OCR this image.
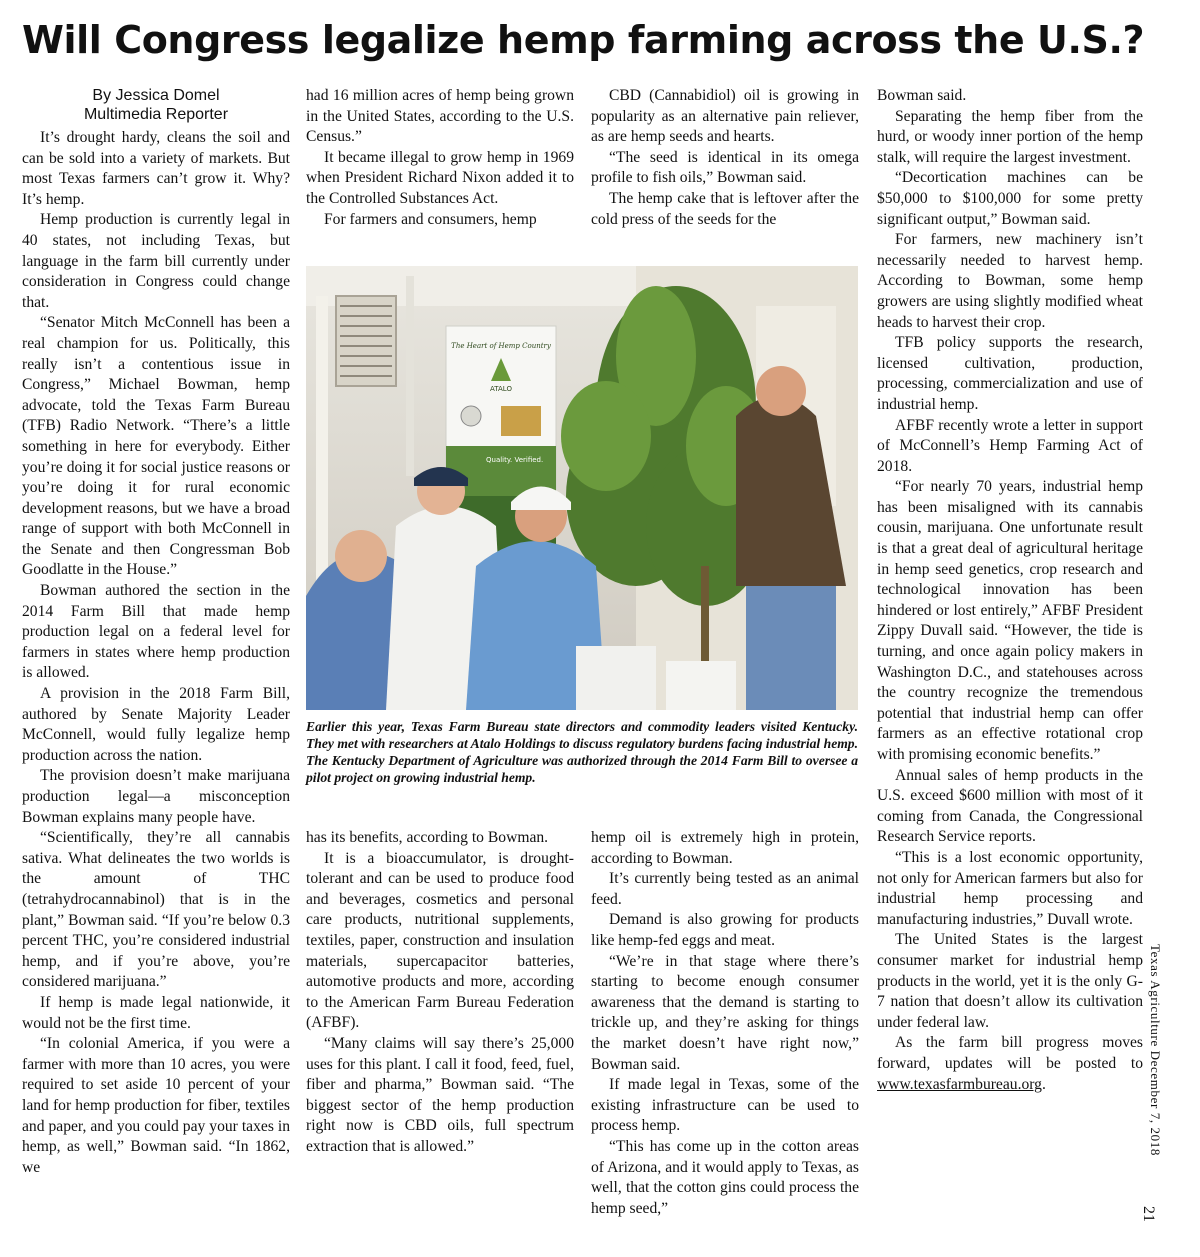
Will Congress legalize hemp farming across the U.S.?
By Jessica Domel
Multimedia Reporter

It’s drought hardy, cleans the soil and can be sold into a variety of markets. But most Texas farmers can’t grow it. Why? It’s hemp.

Hemp production is currently legal in 40 states, not including Texas, but language in the farm bill currently under consideration in Congress could change that.

“Senator Mitch McConnell has been a real champion for us. Politically, this really isn’t a contentious issue in Congress,” Michael Bowman, hemp advocate, told the Texas Farm Bureau (TFB) Radio Network. “There’s a little something in here for everybody. Either you’re doing it for social justice reasons or you’re doing it for rural economic development reasons, but we have a broad range of support with both McConnell in the Senate and then Congressman Bob Goodlatte in the House.”

Bowman authored the section in the 2014 Farm Bill that made hemp production legal on a federal level for farmers in states where hemp production is allowed.

A provision in the 2018 Farm Bill, authored by Senate Majority Leader McConnell, would fully legalize hemp production across the nation.

The provision doesn’t make marijuana production legal—a misconception Bowman explains many people have.

“Scientifically, they’re all cannabis sativa. What delineates the two worlds is the amount of THC (tetrahydrocannabinol) that is in the plant,” Bowman said. “If you’re below 0.3 percent THC, you’re considered industrial hemp, and if you’re above, you’re considered marijuana.”

If hemp is made legal nationwide, it would not be the first time.

“In colonial America, if you were a farmer with more than 10 acres, you were required to set aside 10 percent of your land for hemp production for fiber, textiles and paper, and you could pay your taxes in hemp, as well,” Bowman said. “In 1862, we

had 16 million acres of hemp being grown in the United States, according to the U.S. Census.”

It became illegal to grow hemp in 1969 when President Richard Nixon added it to the Controlled Substances Act.

For farmers and consumers, hemp

CBD (Cannabidiol) oil is growing in popularity as an alternative pain reliever, as are hemp seeds and hearts.

“The seed is identical in its omega profile to fish oils,” Bowman said.

The hemp cake that is leftover after the cold press of the seeds for the

The Heart of Hemp Country
ATALO
Quality. Verified.
Earlier this year, Texas Farm Bureau state directors and commodity leaders visited Kentucky. They met with researchers at Atalo Holdings to discuss regulatory burdens facing industrial hemp. The Kentucky Department of Agriculture was authorized through the 2014 Farm Bill to oversee a pilot project on growing industrial hemp.

has its benefits, according to Bowman.

It is a bioaccumulator, is drought-tolerant and can be used to produce food and beverages, cosmetics and personal care products, nutritional supplements, textiles, paper, construction and insulation materials, supercapacitor batteries, automotive products and more, according to the American Farm Bureau Federation (AFBF).

“Many claims will say there’s 25,000 uses for this plant. I call it food, feed, fuel, fiber and pharma,” Bowman said. “The biggest sector of the hemp production right now is CBD oils, full spectrum extraction that is allowed.”

hemp oil is extremely high in protein, according to Bowman.

It’s currently being tested as an animal feed.

Demand is also growing for products like hemp-fed eggs and meat.

“We’re in that stage where there’s starting to become enough consumer awareness that the demand is starting to trickle up, and they’re asking for things the market doesn’t have right now,” Bowman said.

If made legal in Texas, some of the existing infrastructure can be used to process hemp.

“This has come up in the cotton areas of Arizona, and it would apply to Texas, as well, that the cotton gins could process the hemp seed,”

Bowman said.

Separating the hemp fiber from the hurd, or woody inner portion of the hemp stalk, will require the largest investment.

“Decortication machines can be $50,000 to $100,000 for some pretty significant output,” Bowman said.

For farmers, new machinery isn’t necessarily needed to harvest hemp. According to Bowman, some hemp growers are using slightly modified wheat heads to harvest their crop.

TFB policy supports the research, licensed cultivation, production, processing, commercialization and use of industrial hemp.

AFBF recently wrote a letter in support of McConnell’s Hemp Farming Act of 2018.

“For nearly 70 years, industrial hemp has been misaligned with its cannabis cousin, marijuana. One unfortunate result is that a great deal of agricultural heritage in hemp seed genetics, crop research and technological innovation has been hindered or lost entirely,” AFBF President Zippy Duvall said. “However, the tide is turning, and once again policy makers in Washington D.C., and statehouses across the country recognize the tremendous potential that industrial hemp can offer farmers as an effective rotational crop with promising economic benefits.”

Annual sales of hemp products in the U.S. exceed $600 million with most of it coming from Canada, the Congressional Research Service reports.

“This is a lost economic opportunity, not only for American farmers but also for industrial hemp processing and manufacturing industries,” Duvall wrote.

The United States is the largest consumer market for industrial hemp products in the world, yet it is the only G-7 nation that doesn’t allow its cultivation under federal law.

As the farm bill progress moves forward, updates will be posted to www.texasfarmbureau.org.	Texas Agriculture December 7, 2018
21
